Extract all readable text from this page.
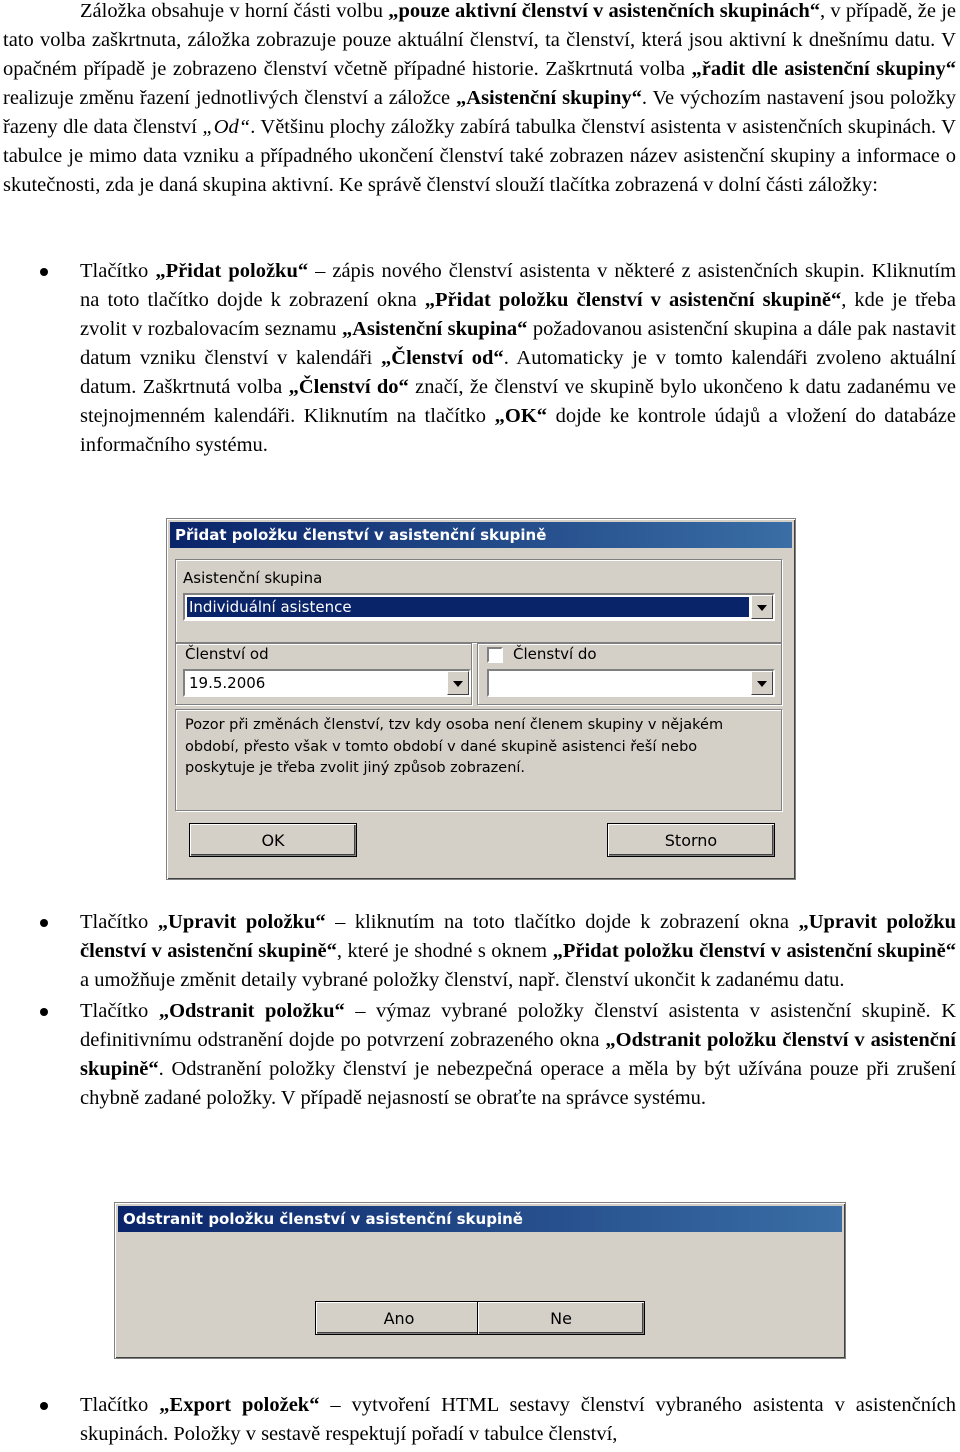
Záložka obsahuje v horní části volbu „pouze aktivní členství v asistenčních skupinách“, v případě, že je tato volba zaškrtnuta, záložka zobrazuje pouze aktuální členství, ta členství, která jsou aktivní k dnešnímu datu. V opačném případě je zobrazeno členství včetně případné historie. Zaškrtnutá volba „řadit dle asistenční skupiny“ realizuje změnu řazení jednotlivých členství a záložce „Asistenční skupiny“. Ve výchozím nastavení jsou položky řazeny dle data členství „Od“. Většinu plochy záložky zabírá tabulka členství asistenta v asistenčních skupinách. V tabulce je mimo data vzniku a případného ukončení členství také zobrazen název asistenční skupiny a informace o skutečnosti, zda je daná skupina aktivní. Ke správě členství slouží tlačítka zobrazená v dolní části záložky:

Tlačítko „Přidat položku“ – zápis nového členství asistenta v některé z asistenčních skupin. Kliknutím na toto tlačítko dojde k zobrazení okna „Přidat položku členství v asistenční skupině“, kde je třeba zvolit v rozbalovacím seznamu „Asistenční skupina“ požadovanou asistenční skupina a dále pak nastavit datum vzniku členství v kalendáři „Členství od“. Automaticky je v tomto kalendáři zvoleno aktuální datum. Zaškrtnutá volba „Členství do“ značí, že členství ve skupině bylo ukončeno k datu zadanému ve stejnojmenném kalendáři. Kliknutím na tlačítko „OK“ dojde ke kontrole údajů a vložení do databáze informačního systému.

Přidat položku členství v asistenční skupině
Asistenční skupina
Individuální asistence
Členství od
19.5.2006
Členství do
Pozor při změnách členství, tzv kdy osoba není členem skupiny v nějakém období, přesto však v tomto období v dané skupině asistenci řeší nebo poskytuje je třeba zvolit jiný způsob zobrazení.
OK	Storno

Tlačítko „Upravit položku“ – kliknutím na toto tlačítko dojde k zobrazení okna „Upravit položku členství v asistenční skupině“, které je shodné s oknem „Přidat položku členství v asistenční skupině“ a umožňuje změnit detaily vybrané položky členství, např. členství ukončit k zadanému datu.

Tlačítko „Odstranit položku“ – výmaz vybrané položky členství asistenta v asistenční skupině. K definitivnímu odstranění dojde po potvrzení zobrazeného okna „Odstranit položku členství v asistenční skupině“. Odstranění položky členství je nebezpečná operace a měla by být užívána pouze při zrušení chybně zadané položky. V případě nejasností se obraťte na správce systému.

Odstranit položku členství v asistenční skupině
Ano	Ne

Tlačítko „Export položek“ – vytvoření HTML sestavy členství vybraného asistenta v asistenčních skupinách. Položky v sestavě respektují pořadí v tabulce členství,
